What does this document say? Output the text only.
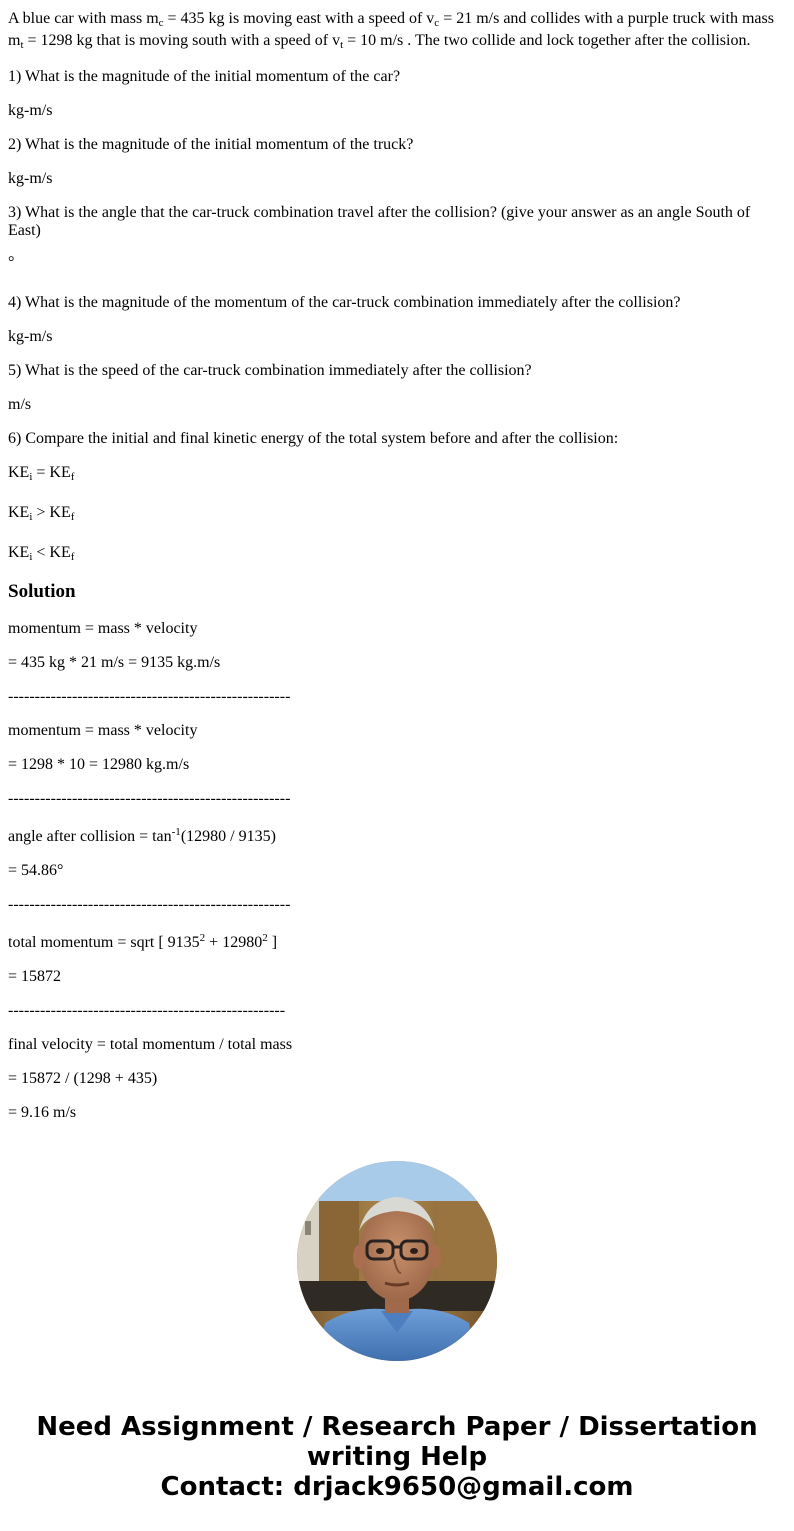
A blue car with mass $m_c = 435$ kg is moving east with a speed of $v_c = 21$ m/s and collides with a purple truck with mass $m_t = 1298$ kg that is moving south with a speed of $v_t = 10$ m/s . The two collide and lock together after the collision.

1) What is the magnitude of the initial momentum of the car?

kg-m/s

2) What is the magnitude of the initial momentum of the truck?

kg-m/s

3) What is the angle that the car-truck combination travel after the collision? (give your answer as an angle South of East)

°

4) What is the magnitude of the momentum of the car-truck combination immediately after the collision?

kg-m/s

5) What is the speed of the car-truck combination immediately after the collision?

m/s

6) Compare the initial and final kinetic energy of the total system before and after the collision:

$KE_i = KE_f$

$KE_i > KE_f$

$KE_i < KE_f$

Solution

momentum = mass * velocity

= 435 kg * 21 m/s = 9135 kg.m/s

-----------------------------------------------------

momentum = mass * velocity

= 1298 * 10 = 12980 kg.m/s

-----------------------------------------------------

angle after collision = $\tan^{-1}(12980 / 9135)$

= 54.86°

-----------------------------------------------------

total momentum = sqrt [ $9135^2 + 12980^2$ ]

= 15872

----------------------------------------------------

final velocity = total momentum / total mass

= 15872 / (1298 + 435)

= 9.16 m/s

Need Assignment / Research Paper / Dissertation
writing Help
Contact: drjack9650@gmail.com
